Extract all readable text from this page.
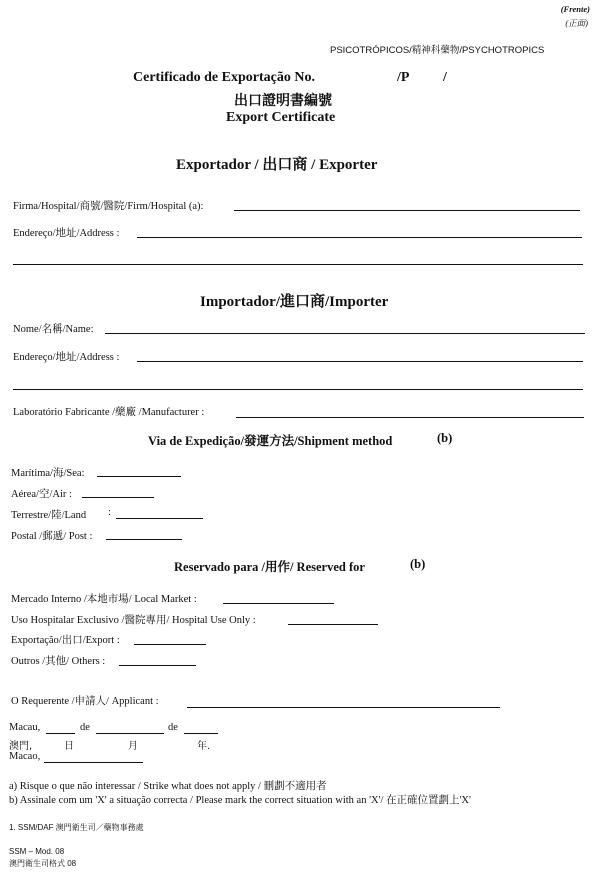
(Frente)
(正面)
PSICOTRÓPICOS/精神科藥物/PSYCHOTROPICS
Certificado de Exportação No.	/P /
出口證明書編號
Export Certificate
Exportador / 出口商 / Exporter
Firma/Hospital/商號/醫院/Firm/Hospital (a):
Endereço/地址/Address :
Importador/進口商/Importer
Nome/名稱/Name:
Endereço/地址/Address :
Laboratório Fabricante /藥廠 /Manufacturer :
Via de Expedição/發運方法/Shipment method	(b)
Marítima/海/Sea:
Aérea/空/Air :
Terrestre/陸/Land :
Postal /郵遞/ Post :
Reservado para /用作/ Reserved for	(b)
Mercado Interno /本地市場/ Local Market :
Uso Hospitalar Exclusivo /醫院專用/ Hospital Use Only :
Exportação/出口/Export :
Outros /其他/ Others :
O Requerente /申請人/ Applicant :
Macau,	de	de
澳門,	日	月	年.
Macao,
a) Risque o que não interessar / Strike what does not apply / 刪劃不適用者
b) Assinale com um 'X' a situação correcta / Please mark the correct situation with an 'X'/ 在正確位置劃上'X'
1. SSM/DAF 澳門衛生司／藥物事務處
SSM – Mod. 08
澳門衛生司格式 08
